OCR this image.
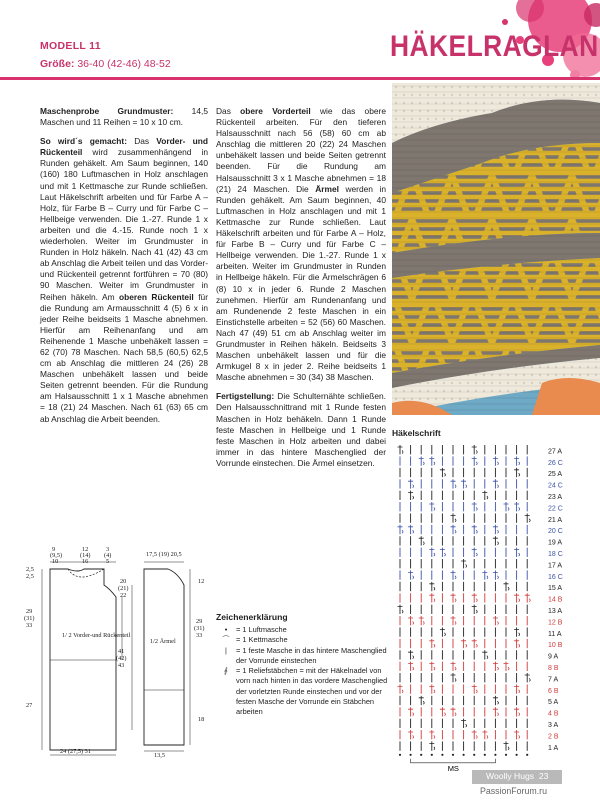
MODELL 11
Größe: 36-40 (42-46) 48-52
HÄKELRAGLAN

Maschenprobe Grundmuster: 14,5 Maschen und 11 Reihen = 10 x 10 cm.

So wird´s gemacht: Das Vorder- und Rückenteil wird zusammenhängend in Runden gehäkelt. Am Saum beginnen, 140 (160) 180 Luftmaschen in Holz anschlagen und mit 1 Kettmasche zur Runde schließen. Laut Häkelschrift arbeiten und für Farbe A – Holz, für Farbe B – Curry und für Farbe C – Hellbeige verwenden. Die 1.-27. Runde 1 x arbeiten und die 4.-15. Runde noch 1 x wiederholen. Weiter im Grundmuster in Runden in Holz häkeln. Nach 41 (42) 43 cm ab Anschlag die Arbeit teilen und das Vorder- und Rückenteil getrennt fortführen = 70 (80) 90 Maschen. Weiter im Grundmuster in Reihen häkeln. Am oberen Rückenteil für die Rundung am Armausschnitt 4 (5) 6 x in jeder Reihe beidseits 1 Masche abnehmen. Hierfür am Reihenanfang und am Reihenende 1 Masche unbehäkelt lassen = 62 (70) 78 Maschen. Nach 58,5 (60,5) 62,5 cm ab Anschlag die mittleren 24 (26) 28 Maschen unbehäkelt lassen und beide Seiten getrennt beenden. Für die Rundung am Halsausschnitt 1 x 1 Masche abnehmen = 18 (21) 24 Maschen. Nach 61 (63) 65 cm ab Anschlag die Arbeit beenden.

Das obere Vorderteil wie das obere Rückenteil arbeiten. Für den tieferen Halsausschnitt nach 56 (58) 60 cm ab Anschlag die mittleren 20 (22) 24 Maschen unbehäkelt lassen und beide Seiten getrennt beenden. Für die Rundung am Halsausschnitt 3 x 1 Masche abnehmen = 18 (21) 24 Maschen. Die Ärmel werden in Runden gehäkelt. Am Saum beginnen, 40 Luftmaschen in Holz anschlagen und mit 1 Kettmasche zur Runde schließen. Laut Häkelschrift arbeiten und für Farbe A – Holz, für Farbe B – Curry und für Farbe C – Hellbeige verwenden. Die 1.-27. Runde 1 x arbeiten. Weiter im Grundmuster in Runden in Hellbeige häkeln. Für die Ärmelschrägen 6 (8) 10 x in jeder 6. Runde 2 Maschen zunehmen. Hierfür am Rundenanfang und am Rundenende 2 feste Maschen in ein Einstichstelle arbeiten = 52 (56) 60 Maschen. Nach 47 (49) 51 cm ab Anschlag weiter im Grundmuster in Reihen häkeln. Beidseits 3 Maschen unbehäkelt lassen und für die Armkugel 8 x in jeder 2. Reihe beidseits 1 Masche abnehmen = 30 (34) 38 Maschen.

Fertigstellung: Die Schulternähte schließen. Den Halsausschnittrand mit 1 Runde festen Maschen in Holz behäkeln. Dann 1 Runde feste Maschen in Hellbeige und 1 Runde feste Maschen in Holz arbeiten und dabei immer in das hintere Maschenglied der Vorrunde einstechen. Die Ärmel einsetzen.

9
(9,5)
10
12
(14)
16
3
(4)
5
2,5
2,5
20
(21)
22
29
(31)
33
41
(42)
43
27
24 (27,5) 31
1/ 2 Vorder-und Rückenteil
17,5 (19) 20,5
12
29
(31)
33
18
13,5
1/2 Ärmel
Zeichenerklärung
• = 1 Luftmasche
⌒ = 1 Kettmasche
|	= 1 feste Masche in das hintere Maschenglied der Vorrunde einstechen
⨙	= 1 Reliefstäbchen = mit der Häkelnadel von vorn nach hinten in das vordere Maschenglied der vorletzten Runde einstechen und vor der festen Masche der Vorrunde ein Stäbchen arbeiten
Häkelschrift
27 A
26 C
25 A
24 C
23 A
22 C
21 A
20 C
19 A
18 C
17 A
16 C
15 A
14 B
13 A
12 B
11 A
10 B
9 A
8 B
7 A
6 B
5 A
4 B
3 A
2 B
1 A
MS
Woolly Hugs 23
PassionForum.ru
